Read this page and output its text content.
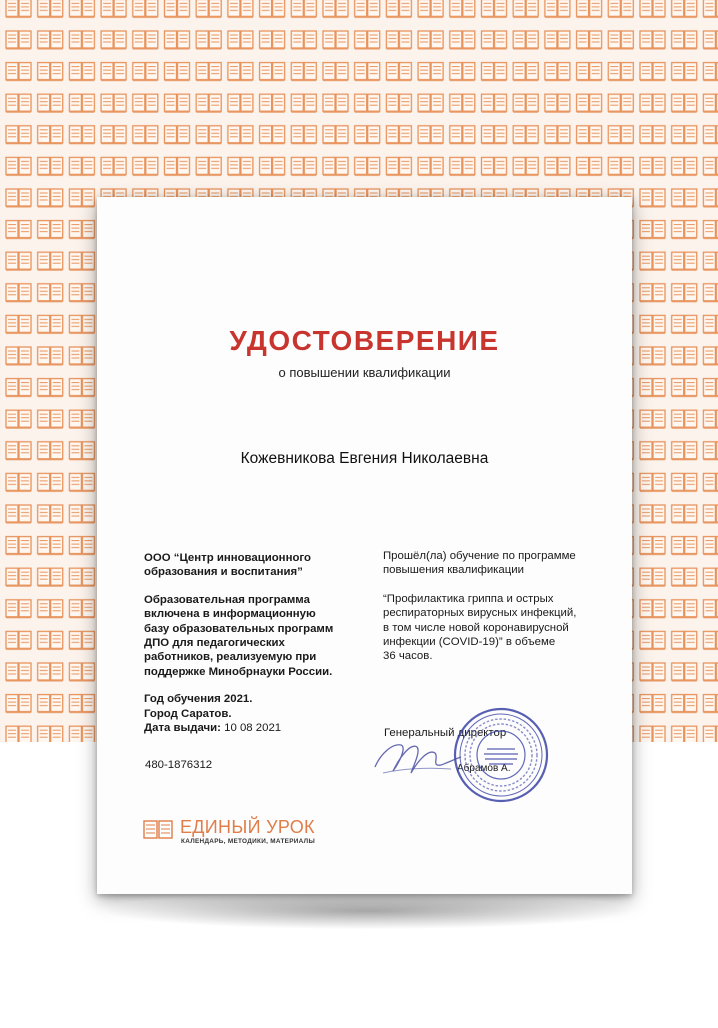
УДОСТОВЕРЕНИЕ
о повышении квалификации
Кожевникова Евгения Николаевна
ООО “Центр инновационного
образования и воспитания”
Образовательная программа
включена в информационную
базу образовательных программ
ДПО для педагогических
работников, реализуемую при
поддержке Минобрнауки России.
Год обучения 2021.
Город Саратов.
Дата выдачи: 10 08 2021
480-1876312
Прошёл(ла) обучение по программе
повышения квалификации
“Профилактика гриппа и острых
респираторных вирусных инфекций,
в том числе новой коронавирусной
инфекции (COVID-19)” в объеме
36 часов.
Генеральный директор
Абрамов А.
ЕДИНЫЙ УРОК
КАЛЕНДАРЬ, МЕТОДИКИ, МАТЕРИАЛЫ
